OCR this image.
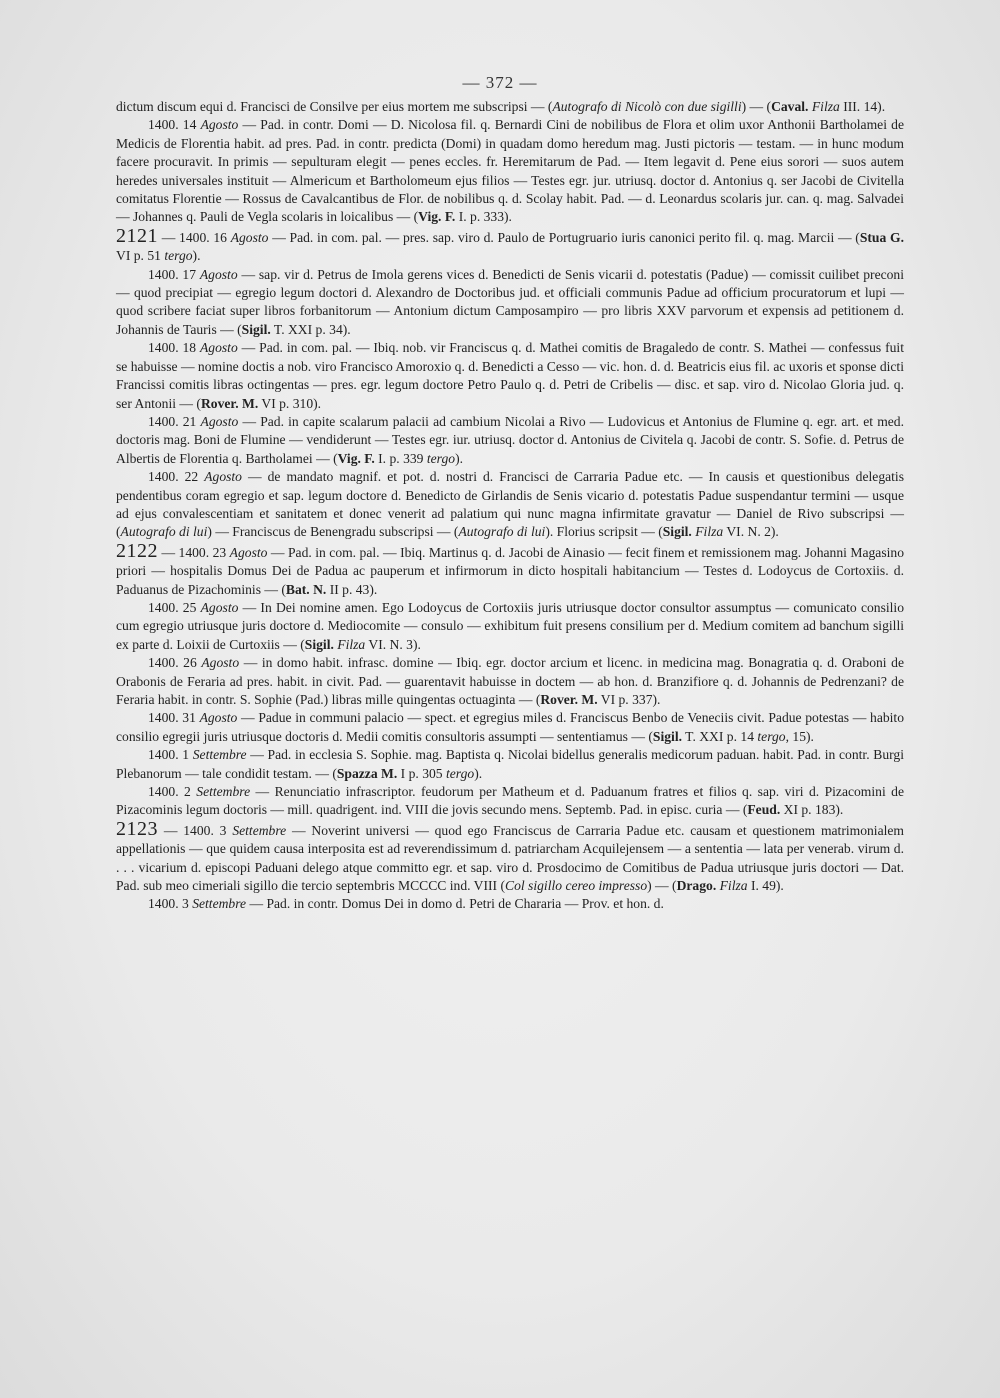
— 372 —

dictum discum equi d. Francisci de Consilve per eius mortem me subscripsi — (Autografo di Nicolò con due sigilli) — (Caval. Filza III. 14).

1400. 14 Agosto — Pad. in contr. Domi — D. Nicolosa fil. q. Bernardi Cini de nobilibus de Flora et olim uxor Anthonii Bartholamei de Medicis de Florentia habit. ad pres. Pad. in contr. predicta (Domi) in quadam domo heredum mag. Justi pictoris — testam. — in hunc modum facere procuravit. In primis — sepulturam elegit — penes eccles. fr. Heremitarum de Pad. — Item legavit d. Pene eius sorori — suos autem heredes universales instituit — Almericum et Bartholomeum ejus filios — Testes egr. jur. utriusq. doctor d. Antonius q. ser Jacobi de Civitella comitatus Florentie — Rossus de Cavalcantibus de Flor. de nobilibus q. d. Scolay habit. Pad. — d. Leonardus scolaris jur. can. q. mag. Salvadei — Johannes q. Pauli de Vegla scolaris in loicalibus — (Vig. F. I. p. 333).

2121 — 1400. 16 Agosto — Pad. in com. pal. — pres. sap. viro d. Paulo de Portugruario iuris canonici perito fil. q. mag. Marcii — (Stua G. VI p. 51 tergo).

1400. 17 Agosto — sap. vir d. Petrus de Imola gerens vices d. Benedicti de Senis vicarii d. potestatis (Padue) — comissit cuilibet preconi — quod precipiat — egregio legum doctori d. Alexandro de Doctoribus jud. et officiali communis Padue ad officium procuratorum et lupi — quod scribere faciat super libros forbanitorum — Antonium dictum Camposampiro — pro libris XXV parvorum et expensis ad petitionem d. Johannis de Tauris — (Sigil. T. XXI p. 34).

1400. 18 Agosto — Pad. in com. pal. — Ibiq. nob. vir Franciscus q. d. Mathei comitis de Bragaledo de contr. S. Mathei — confessus fuit se habuisse — nomine doctis a nob. viro Francisco Amoroxio q. d. Benedicti a Cesso — vic. hon. d. d. Beatricis eius fil. ac uxoris et sponse dicti Francissi comitis libras octingentas — pres. egr. legum doctore Petro Paulo q. d. Petri de Cribelis — disc. et sap. viro d. Nicolao Gloria jud. q. ser Antonii — (Rover. M. VI p. 310).

1400. 21 Agosto — Pad. in capite scalarum palacii ad cambium Nicolai a Rivo — Ludovicus et Antonius de Flumine q. egr. art. et med. doctoris mag. Boni de Flumine — vendiderunt — Testes egr. iur. utriusq. doctor d. Antonius de Civitela q. Jacobi de contr. S. Sofie. d. Petrus de Albertis de Florentia q. Bartholamei — (Vig. F. I. p. 339 tergo).

1400. 22 Agosto — de mandato magnif. et pot. d. nostri d. Francisci de Carraria Padue etc. — In causis et questionibus delegatis pendentibus coram egregio et sap. legum doctore d. Benedicto de Girlandis de Senis vicario d. potestatis Padue suspendantur termini — usque ad ejus convalescentiam et sanitatem et donec venerit ad palatium qui nunc magna infirmitate gravatur — Daniel de Rivo subscripsi — (Autografo di lui) — Franciscus de Benengradu subscripsi — (Autografo di lui). Florius scripsit — (Sigil. Filza VI. N. 2).

2122 — 1400. 23 Agosto — Pad. in com. pal. — Ibiq. Martinus q. d. Jacobi de Ainasio — fecit finem et remissionem mag. Johanni Magasino priori — hospitalis Domus Dei de Padua ac pauperum et infirmorum in dicto hospitali habitancium — Testes d. Lodoycus de Cortoxiis. d. Paduanus de Pizachominis — (Bat. N. II p. 43).

1400. 25 Agosto — In Dei nomine amen. Ego Lodoycus de Cortoxiis juris utriusque doctor consultor assumptus — comunicato consilio cum egregio utriusque juris doctore d. Mediocomite — consulo — exhibitum fuit presens consilium per d. Medium comitem ad banchum sigilli ex parte d. Loixii de Curtoxiis — (Sigil. Filza VI. N. 3).

1400. 26 Agosto — in domo habit. infrasc. domine — Ibiq. egr. doctor arcium et licenc. in medicina mag. Bonagratia q. d. Oraboni de Orabonis de Feraria ad pres. habit. in civit. Pad. — guarentavit habuisse in doctem — ab hon. d. Branzifiore q. d. Johannis de Pedrenzani? de Feraria habit. in contr. S. Sophie (Pad.) libras mille quingentas octuaginta — (Rover. M. VI p. 337).

1400. 31 Agosto — Padue in communi palacio — spect. et egregius miles d. Franciscus Benbo de Veneciis civit. Padue potestas — habito consilio egregii juris utriusque doctoris d. Medii comitis consultoris assumpti — sententiamus — (Sigil. T. XXI p. 14 tergo, 15).

1400. 1 Settembre — Pad. in ecclesia S. Sophie. mag. Baptista q. Nicolai bidellus generalis medicorum paduan. habit. Pad. in contr. Burgi Plebanorum — tale condidit testam. — (Spazza M. I p. 305 tergo).

1400. 2 Settembre — Renunciatio infrascriptor. feudorum per Matheum et d. Paduanum fratres et filios q. sap. viri d. Pizacomini de Pizacominis legum doctoris — mill. quadrigent. ind. VIII die jovis secundo mens. Septemb. Pad. in episc. curia — (Feud. XI p. 183).

2123 — 1400. 3 Settembre — Noverint universi — quod ego Franciscus de Carraria Padue etc. causam et questionem matrimonialem appellationis — que quidem causa interposita est ad reverendissimum d. patriarcham Acquilejensem — a sententia — lata per venerab. virum d. . . . vicarium d. episcopi Paduani delego atque committo egr. et sap. viro d. Prosdocimo de Comitibus de Padua utriusque juris doctori — Dat. Pad. sub meo cimeriali sigillo die tercio septembris MCCCC ind. VIII (Col sigillo cereo impresso) — (Drago. Filza I. 49).

1400. 3 Settembre — Pad. in contr. Domus Dei in domo d. Petri de Chararia — Prov. et hon. d.
